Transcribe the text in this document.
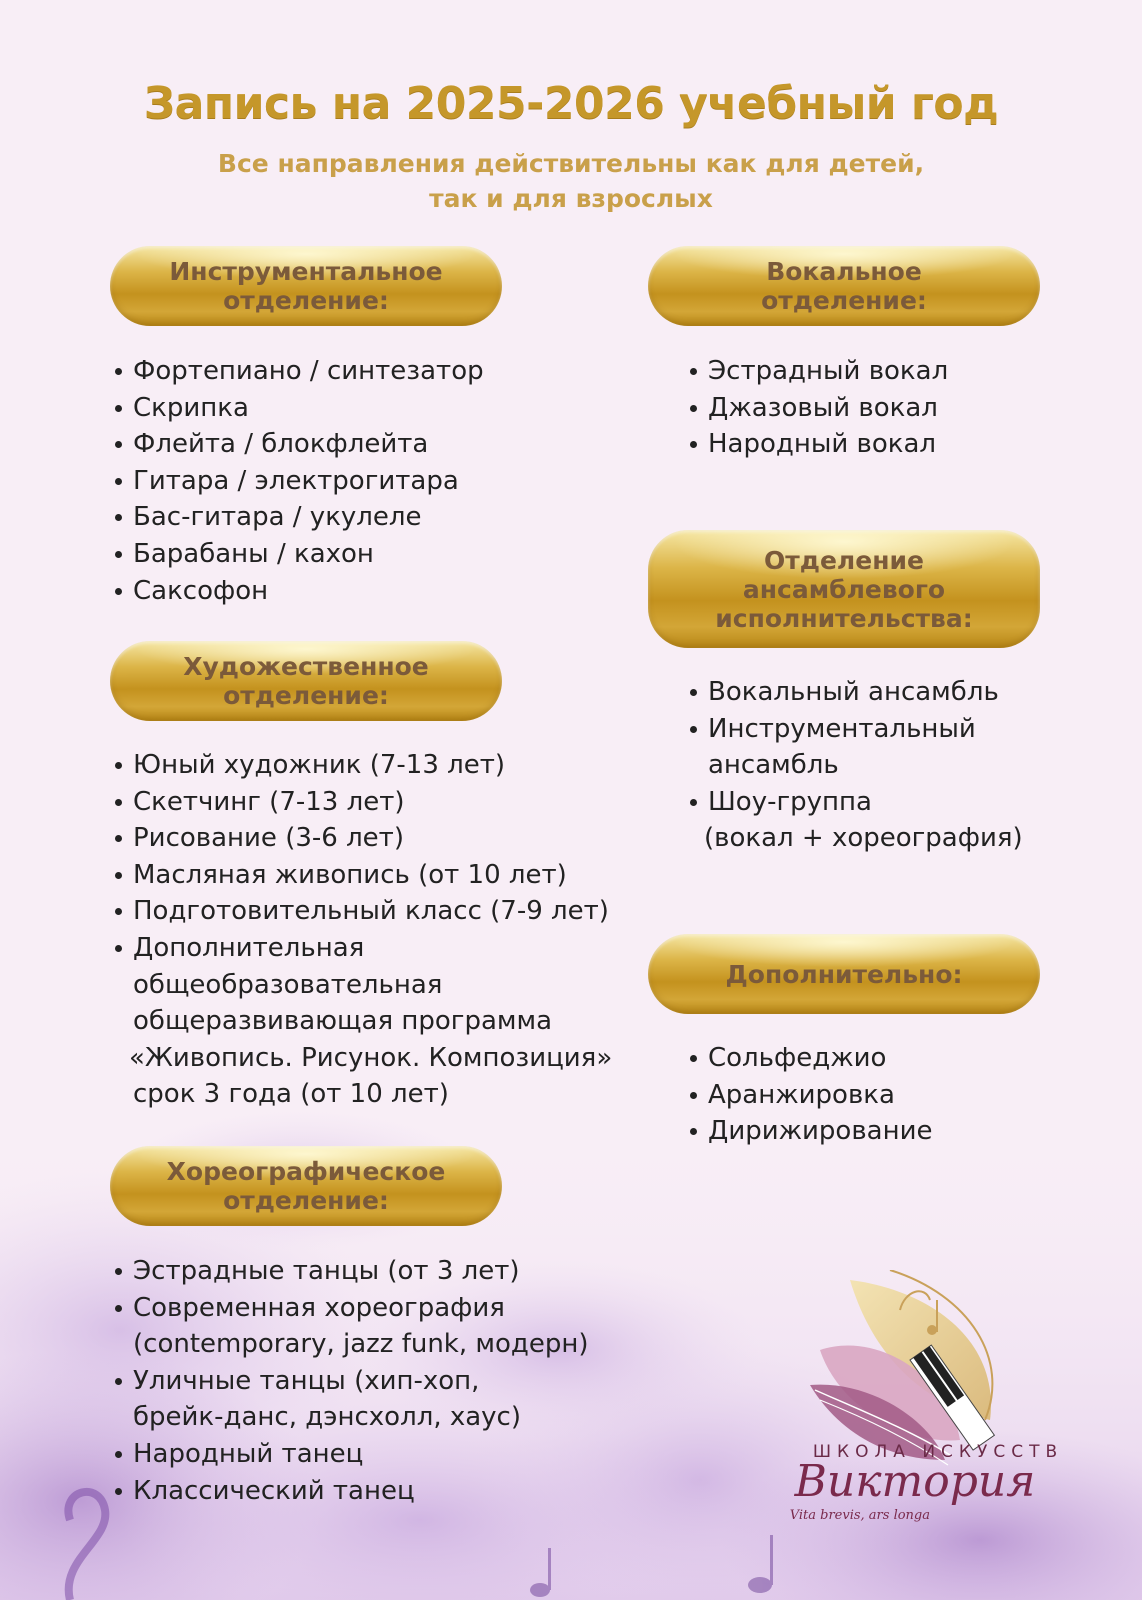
Запись на 2025-2026 учебный год
Все направления действительны как для детей,
так и для взрослых
Инструментальное
отделение:
Фортепиано / синтезатор
Скрипка
Флейта / блокфлейта
Гитара / электрогитара
Бас-гитара / укулеле
Барабаны / кахон
Саксофон
Художественное
отделение:
Юный художник (7-13 лет)
Скетчинг (7-13 лет)
Рисование (3-6 лет)
Масляная живопись (от 10 лет)
Подготовительный класс (7-9 лет)
Дополнительная
общеобразовательная
общеразвивающая программа
«Живопись. Рисунок. Композиция»
срок 3 года (от 10 лет)
Хореографическое
отделение:
Эстрадные танцы (от 3 лет)
Современная хореография
(contemporary, jazz funk, модерн)
Уличные танцы (хип-хоп,
брейк-данс, дэнсхолл, хаус)
Народный танец
Классический танец
Вокальное
отделение:
Эстрадный вокал
Джазовый вокал
Народный вокал
Отделение
ансамблевого
исполнительства:
Вокальный ансамбль
Инструментальный
ансамбль
Шоу-группа
(вокал + хореография)
Дополнительно:
Сольфеджио
Аранжировка
Дирижирование
ШКОЛА ИСКУССТВ
Виктория
Vita brevis, ars longa
